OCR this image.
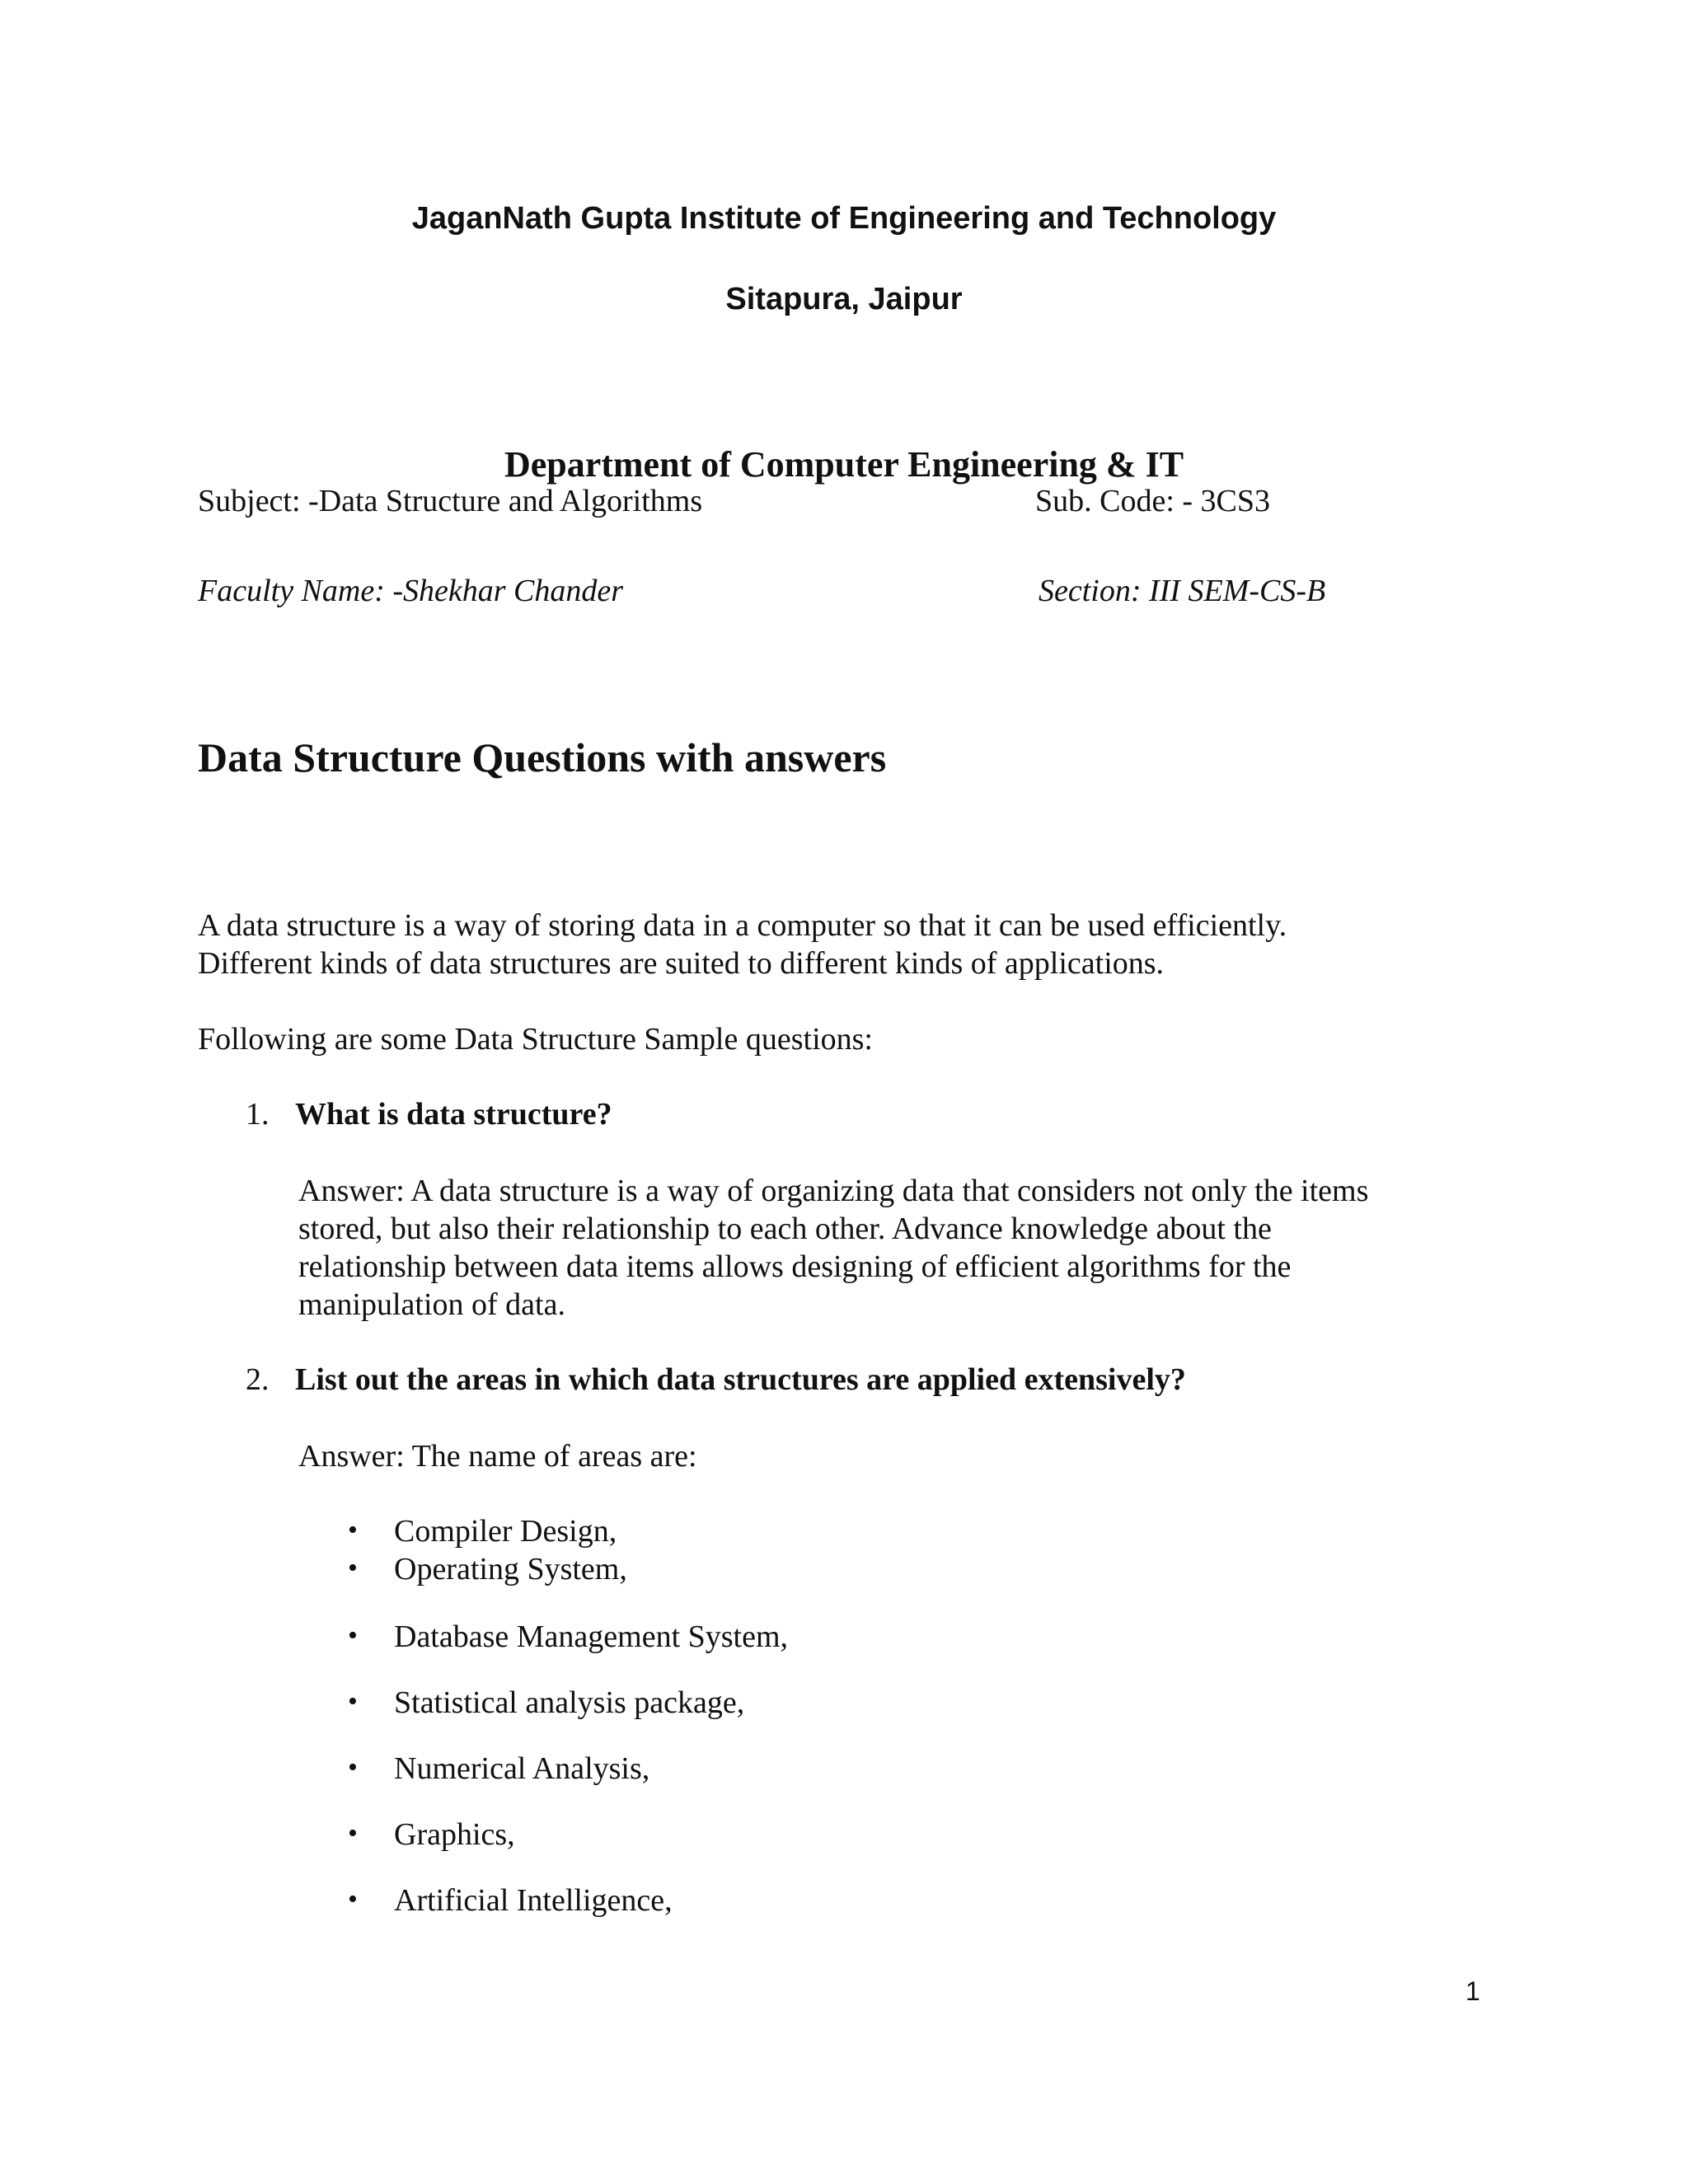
JaganNath Gupta Institute of Engineering and Technology
Sitapura, Jaipur
Department of Computer Engineering & IT
Subject: -Data Structure and Algorithms	Sub. Code: - 3CS3
Faculty Name: -Shekhar Chander	Section: III SEM-CS-B
Data Structure Questions with answers
A data structure is a way of storing data in a computer so that it can be used efficiently.
Different kinds of data structures are suited to different kinds of applications.
Following are some Data Structure Sample questions:
1. What is data structure?
Answer: A data structure is a way of organizing data that considers not only the items
stored, but also their relationship to each other. Advance knowledge about the
relationship between data items allows designing of efficient algorithms for the
manipulation of data.
2. List out the areas in which data structures are applied extensively?
Answer: The name of areas are:
• Compiler Design,
• Operating System,
• Database Management System,
• Statistical analysis package,
• Numerical Analysis,
• Graphics,
• Artificial Intelligence,
1
